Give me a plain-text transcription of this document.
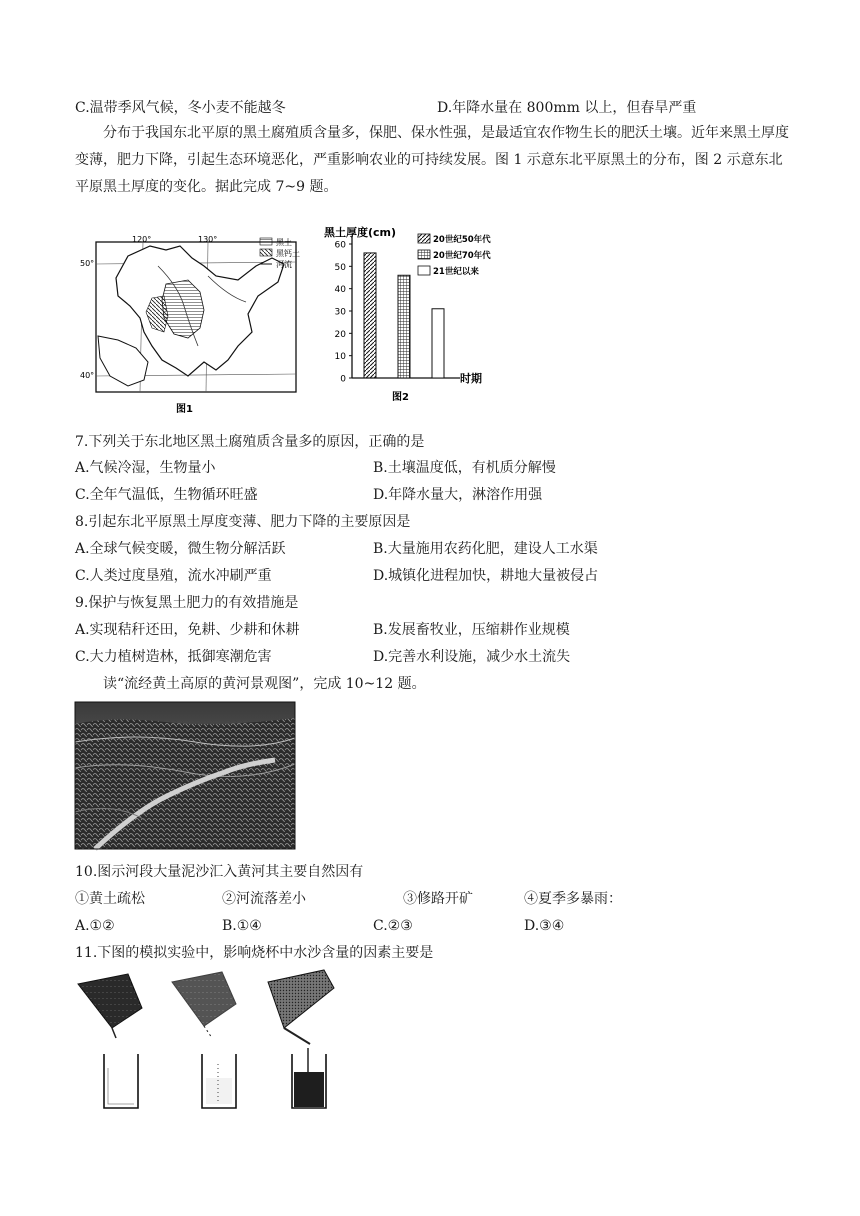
C.温带季风气候，冬小麦不能越冬	D.年降水量在 800mm 以上，但春旱严重
分布于我国东北平原的黑土腐殖质含量多，保肥、保水性强，是最适宜农作物生长的肥沃土壤。近年来黑土厚度变薄，肥力下降，引起生态环境恶化，严重影响农业的可持续发展。图 1 示意东北平原黑土的分布，图 2 示意东北平原黑土厚度的变化。据此完成 7~9 题。
120°	130°
50°
40°
黑土
黑钙土
河流
图1
黑土厚度(cm)
0
10
20
30
40
50
60
20世纪50年代
20世纪70年代
21世纪以来
时期
图2
7.下列关于东北地区黑土腐殖质含量多的原因，正确的是
A.气候冷湿，生物量小	B.土壤温度低，有机质分解慢
C.全年气温低，生物循环旺盛	D.年降水量大，淋溶作用强
8.引起东北平原黑土厚度变薄、肥力下降的主要原因是
A.全球气候变暖，微生物分解活跃	B.大量施用农药化肥，建设人工水渠
C.人类过度垦殖，流水冲刷严重	D.城镇化进程加快，耕地大量被侵占
9.保护与恢复黑土肥力的有效措施是
A.实现秸秆还田，免耕、少耕和休耕	B.发展畜牧业，压缩耕作业规模
C.大力植树造林，抵御寒潮危害	D.完善水利设施，减少水土流失
读“流经黄土高原的黄河景观图”，完成 10~12 题。
10.图示河段大量泥沙汇入黄河其主要自然因有
①黄土疏松	②河流落差小	③修路开矿	④夏季多暴雨：
A.①②	B.①④	C.②③	D.③④
11.下图的模拟实验中，影响烧杯中水沙含量的因素主要是
